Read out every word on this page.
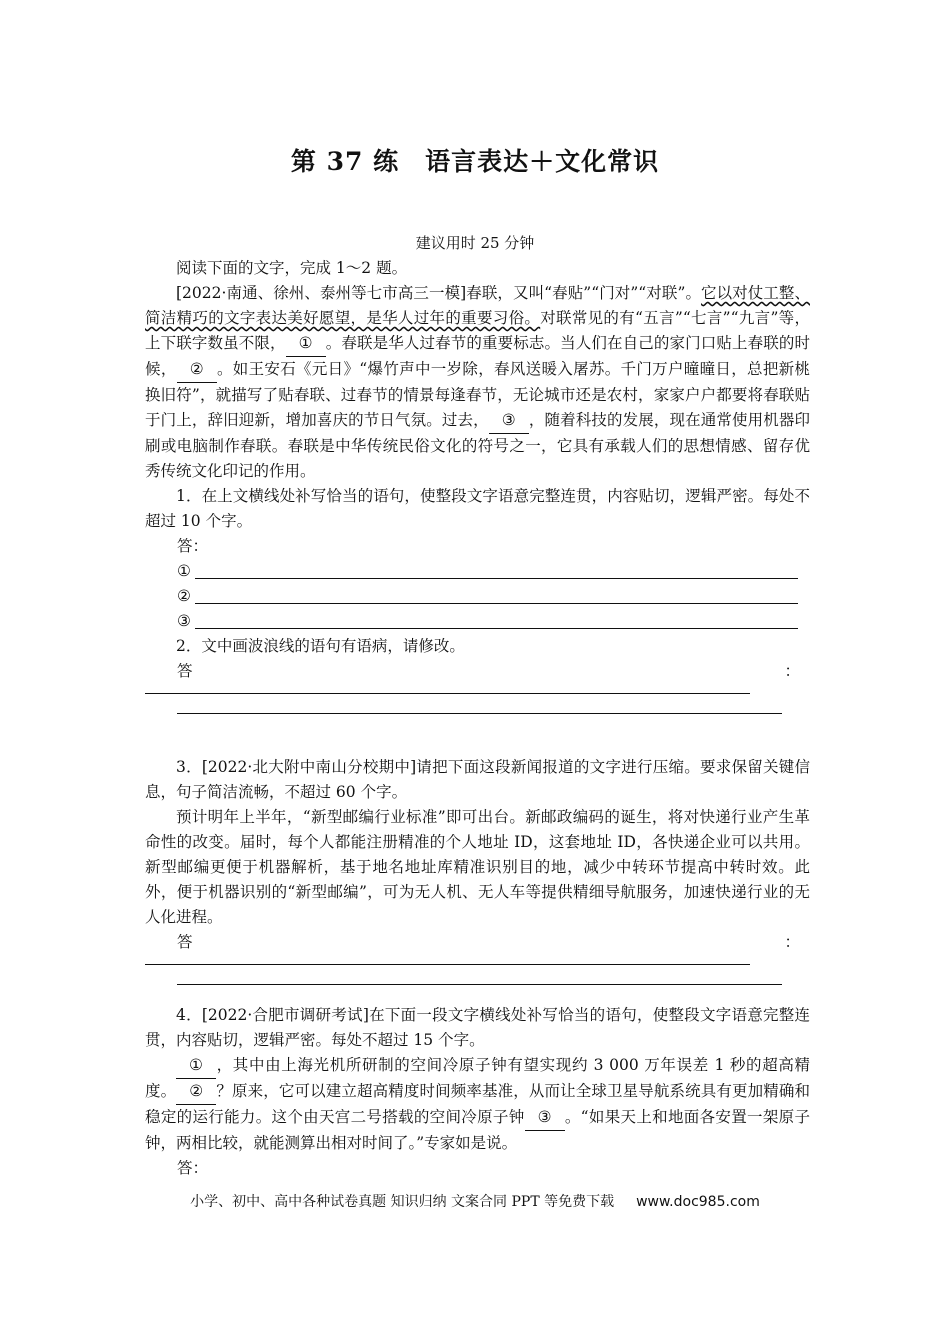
第 37 练　语言表达＋文化常识
建议用时 25 分钟

阅读下面的文字，完成 1～2 题。

[2022·南通、徐州、泰州等七市高三一模]春联，又叫“春贴”“门对”“对联”。它以对仗工整、简洁精巧的文字表达美好愿望，是华人过年的重要习俗。对联常见的有“五言”“七言”“九言”等，上下联字数虽不限， ① 。春联是华人过春节的重要标志。当人们在自己的家门口贴上春联的时候， ② 。如王安石《元日》“爆竹声中一岁除，春风送暖入屠苏。千门万户曈曈日，总把新桃换旧符”，就描写了贴春联、过春节的情景每逢春节，无论城市还是农村，家家户户都要将春联贴于门上，辞旧迎新，增加喜庆的节日气氛。过去， ③ ，随着科技的发展，现在通常使用机器印刷或电脑制作春联。春联是中华传统民俗文化的符号之一，它具有承载人们的思想情感、留存优秀传统文化印记的作用。

1．在上文横线处补写恰当的语句，使整段文字语意完整连贯，内容贴切，逻辑严密。每处不超过 10 个字。

答：
①
②
③

2．文中画波浪线的语句有语病，请修改。

答	：

3．[2022·北大附中南山分校期中]请把下面这段新闻报道的文字进行压缩。要求保留关键信息，句子简洁流畅，不超过 60 个字。

预计明年上半年，“新型邮编行业标准”即可出台。新邮政编码的诞生，将对快递行业产生革命性的改变。届时，每个人都能注册精准的个人地址 ID，这套地址 ID，各快递企业可以共用。新型邮编更便于机器解析，基于地名地址库精准识别目的地，减少中转环节提高中转时效。此外，便于机器识别的“新型邮编”，可为无人机、无人车等提供精细导航服务，加速快递行业的无人化进程。

答	：

4．[2022·合肥市调研考试]在下面一段文字横线处补写恰当的语句，使整段文字语意完整连贯，内容贴切，逻辑严密。每处不超过 15 个字。

① ，其中由上海光机所研制的空间冷原子钟有望实现约 3 000 万年误差 1 秒的超高精度。 ② ？原来，它可以建立超高精度时间频率基准，从而让全球卫星导航系统具有更加精确和稳定的运行能力。这个由天宫二号搭载的空间冷原子钟 ③ 。“如果天上和地面各安置一架原子钟，两相比较，就能测算出相对时间了。”专家如是说。

答：
小学、初中、高中各种试卷真题 知识归纳 文案合同 PPT 等免费下载 www.doc985.com
